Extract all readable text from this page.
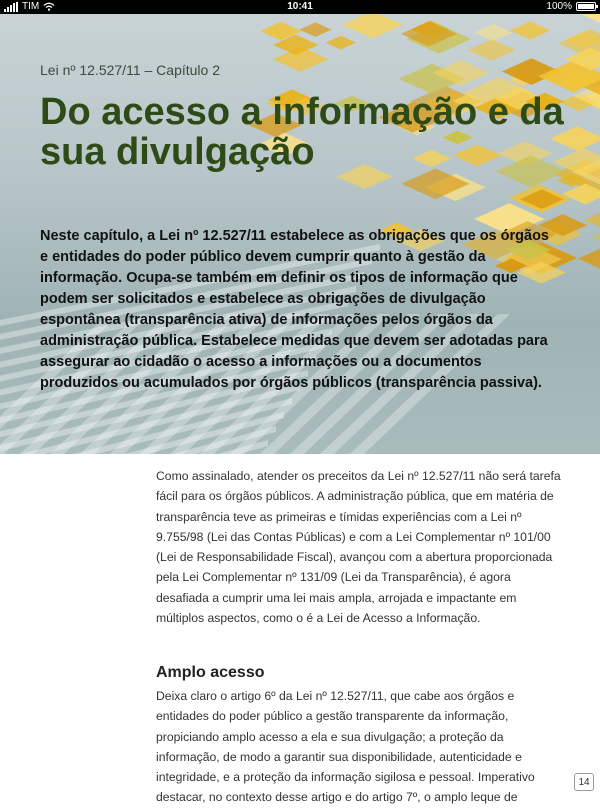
TIM	10:41	100%
Lei nº 12.527/11 – Capítulo 2
Do acesso a informação e da sua divulgação

Neste capítulo, a Lei nº 12.527/11 estabelece as obrigações que os órgãos e entidades do poder público devem cumprir quanto à gestão da informação. Ocupa-se também em definir os tipos de informação que podem ser solicitados e estabelece as obrigações de divulgação espontânea (transparência ativa) de informações pelos órgãos da administração pública. Estabelece medidas que devem ser adotadas para assegurar ao cidadão o acesso a informações ou a documentos produzidos ou acumulados por órgãos públicos (transparência passiva).

Como assinalado, atender os preceitos da Lei nº 12.527/11 não será tarefa fácil para os órgãos públicos. A administração pública, que em matéria de transparência teve as primeiras e tímidas experiências com a Lei nº 9.755/98 (Lei das Contas Públicas) e com a Lei Complementar nº 101/00 (Lei de Responsabilidade Fiscal), avançou com a abertura proporcionada pela Lei Complementar nº 131/09 (Lei da Transparência), é agora desafiada a cumprir uma lei mais ampla, arrojada e impactante em múltiplos aspectos, como o é a Lei de Acesso a Informação.

Amplo acesso

Deixa claro o artigo 6º da Lei nº 12.527/11, que cabe aos órgãos e entidades do poder público a gestão transparente da informação, propiciando amplo acesso a ela e sua divulgação; a proteção da informação, de modo a garantir sua disponibilidade, autenticidade e integridade, e a proteção da informação sigilosa e pessoal. Imperativo destacar, no contexto desse artigo e do artigo 7º, o amplo leque de

14
